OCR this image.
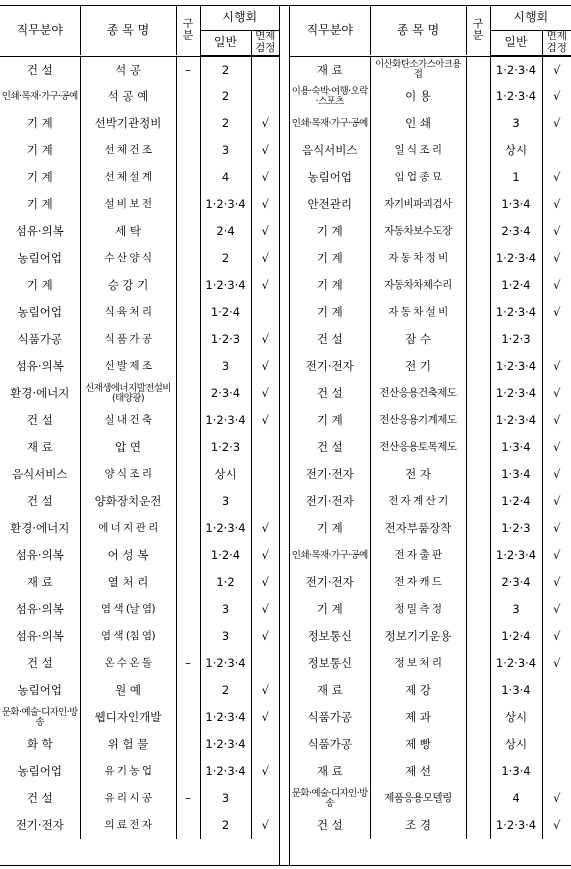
직무분야	종 목 명	구 분	시행회	
			일반	면제 검정

건 설	석 공	–	2	
인쇄·목재·가구·공예	석 공 예		2	
기 계	선박기관정비		2	√
기 계	선 체 건 조		3	√
기 계	선 체 설 계		4	√
기 계	설 비 보 전		1·2·3·4	√
섬유·의복	세 탁		2·4	√
농림어업	수 산 양 식		2	√
기 계	승 강 기		1·2·3·4	√
농림어업	식 육 처 리		1·2·4	
식품가공	식 품 가 공		1·2·3	√
섬유·의복	신 발 제 조		3	√
환경·에너지	신재생에너지발전설비(태양광)		2·3·4	√
건 설	실 내 건 축		1·2·3·4	√
재 료	압 연		1·2·3	
음식서비스	양 식 조 리		상시	
건 설	양화장치운전		3	
환경·에너지	에 너 지 관 리		1·2·3·4	√
섬유·의복	어 성 복		1·2·4	√
재 료	열 처 리		1·2	√
섬유·의복	염 색 (날 염)		3	√
섬유·의복	염 색 (침 염)		3	√
건 설	온 수 온 돌	–	1·2·3·4	
농림어업	원 예		2	√
문화·예술·디자인·방송	웹디자인개발		1·2·3·4	√
화 학	위 험 물		1·2·3·4	
농림어업	유 기 농 업		1·2·3·4	√
건 설	유 리 시 공	–	3	
전기·전자	의 료 전 자		2	√
직무분야	종 목 명	구 분	시행회	
			일반	면제 검정

재 료	이산화탄소가스아크용접		1·2·3·4	√
이용·숙박·여행·오락·스포츠	이 용		1·2·3·4	√
인쇄·목재·가구·공예	인 쇄		3	√
음식서비스	일 식 조 리		상시	
농림어업	임 업 종 묘		1	√
안전관리	자기비파괴검사		1·3·4	√
기 계	자동차보수도장		2·3·4	√
기 계	자 동 차 정 비		1·2·3·4	√
기 계	자동차차체수리		1·2·4	√
기 계	자 동 차 설 비		1·2·3·4	√
건 설	잠 수		1·2·3	
전기·전자	전 기		1·2·3·4	√
건 설	전산응용건축제도		1·2·3·4	√
기 계	전산응용기계제도		1·2·3·4	√
건 설	전산응용토목제도		1·3·4	√
전기·전자	전 자		1·3·4	√
전기·전자	전 자 계 산 기		1·2·4	√
기 계	전자부품장착		1·2·3	√
인쇄·목재·가구·공예	전 자 출 판		1·2·3·4	√
전기·전자	전 자 캐 드		2·3·4	√
기 계	정 밀 측 정		3	√
정보통신	정보기기운용		1·2·4	√
정보통신	정 보 처 리		1·2·3·4	√
재 료	제 강		1·3·4	
식품가공	제 과		상시	
식품가공	제 빵		상시	
재 료	제 선		1·3·4	
문화·예술·디자인·방송	제품응용모델링		4	√
건 설	조 경		1·2·3·4	√
